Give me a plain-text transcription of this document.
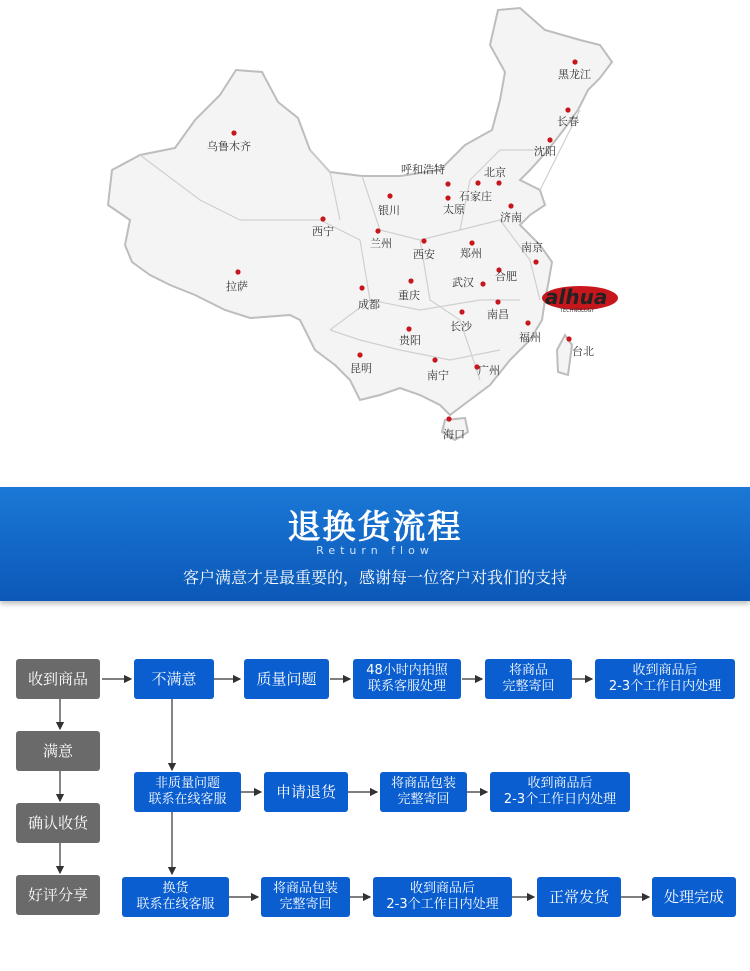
黑龙江
长春
沈阳
乌鲁木齐
呼和浩特	北京
石家庄
太原
银川
济南
西宁
兰州
西安 郑州	南京
合肥
拉萨	武汉
重庆
成都
南昌
长沙
福州
贵阳
台北
昆明
南宁	广州
海口
alhua
TECHNOLOGY
退换货流程
Return flow
客户满意才是最重要的，感谢每一位客户对我们的支持
收到商品
满意
确认收货
好评分享
不满意	质量问题	48小时内拍照
联系客服处理
将商品
完整寄回
收到商品后
2-3个工作日内处理
非质量问题
联系在线客服	申请退货	将商品包装
完整寄回
收到商品后
2-3个工作日内处理
换货
联系在线客服
将商品包装
完整寄回
收到商品后
2-3个工作日内处理	正常发货	处理完成
